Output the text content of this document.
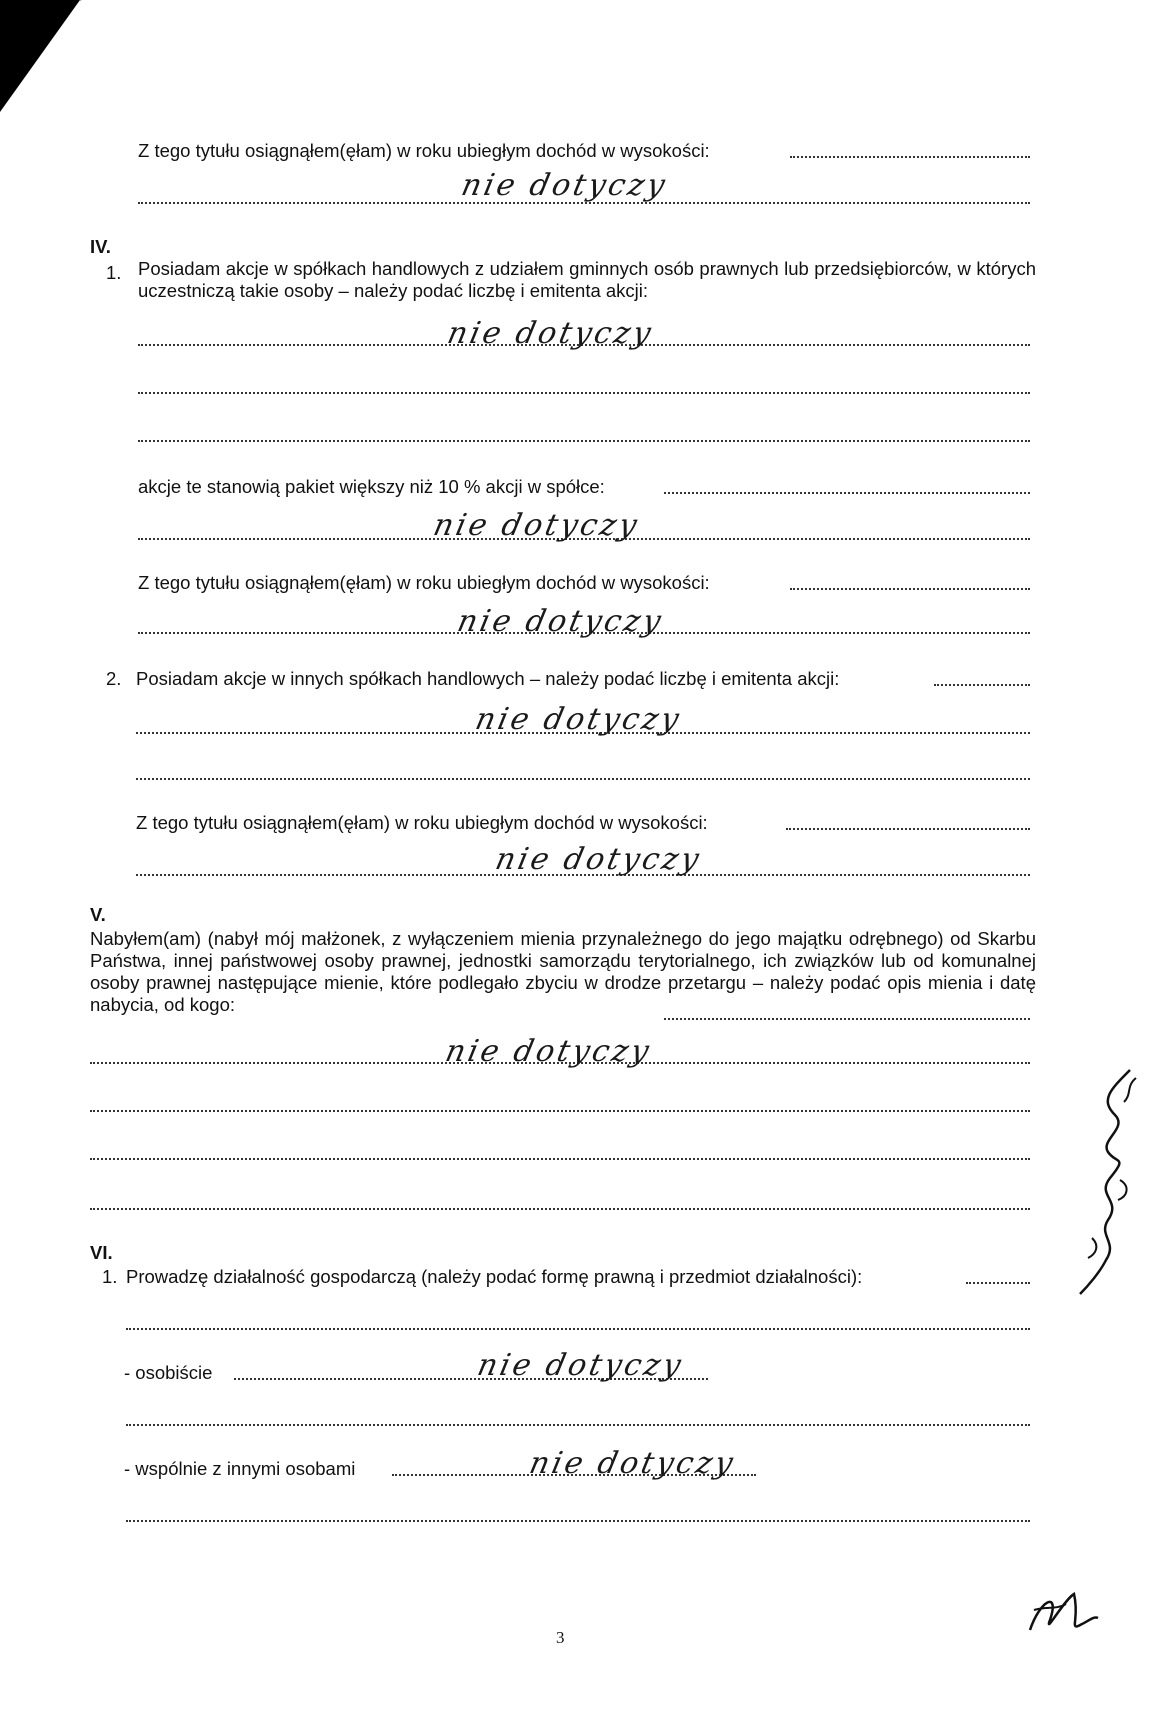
Z tego tytułu osiągnąłem(ęłam) w roku ubiegłym dochód w wysokości:
nie dotyczy
IV.
1. Posiadam akcje w spółkach handlowych z udziałem gminnych osób prawnych lub przedsiębiorców, w których uczestniczą takie osoby – należy podać liczbę i emitenta akcji:
nie dotyczy
akcje te stanowią pakiet większy niż 10 % akcji w spółce:
nie dotyczy
Z tego tytułu osiągnąłem(ęłam) w roku ubiegłym dochód w wysokości:
nie dotyczy
2. Posiadam akcje w innych spółkach handlowych – należy podać liczbę i emitenta akcji:
nie dotyczy
Z tego tytułu osiągnąłem(ęłam) w roku ubiegłym dochód w wysokości:
nie dotyczy
V.
Nabyłem(am) (nabył mój małżonek, z wyłączeniem mienia przynależnego do jego majątku odrębnego) od Skarbu Państwa, innej państwowej osoby prawnej, jednostki samorządu terytorialnego, ich związków lub od komunalnej osoby prawnej następujące mienie, które podlegało zbyciu w drodze przetargu – należy podać opis mienia i datę nabycia, od kogo:
nie dotyczy
VI.
1. Prowadzę działalność gospodarczą (należy podać formę prawną i przedmiot działalności):
- osobiście	nie dotyczy
- wspólnie z innymi osobami	nie dotyczy
3
